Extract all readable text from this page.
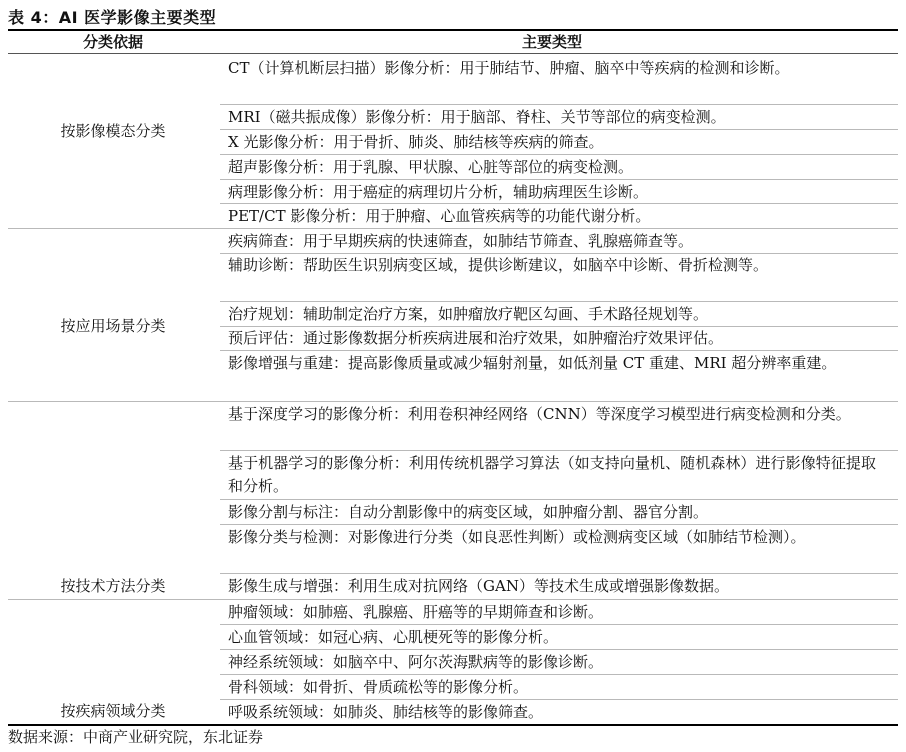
表 4：AI 医学影像主要类型
分类依据	主要类型
按影像模态分类
CT（计算机断层扫描）影像分析：用于肺结节、肿瘤、脑卒中等疾病的检测和诊断。
MRI（磁共振成像）影像分析：用于脑部、脊柱、关节等部位的病变检测。
X 光影像分析：用于骨折、肺炎、肺结核等疾病的筛查。
超声影像分析：用于乳腺、甲状腺、心脏等部位的病变检测。
病理影像分析：用于癌症的病理切片分析，辅助病理医生诊断。
PET/CT 影像分析：用于肿瘤、心血管疾病等的功能代谢分析。
按应用场景分类
疾病筛查：用于早期疾病的快速筛查，如肺结节筛查、乳腺癌筛查等。
辅助诊断：帮助医生识别病变区域，提供诊断建议，如脑卒中诊断、骨折检测等。
治疗规划：辅助制定治疗方案，如肿瘤放疗靶区勾画、手术路径规划等。
预后评估：通过影像数据分析疾病进展和治疗效果，如肿瘤治疗效果评估。
影像增强与重建：提高影像质量或减少辐射剂量，如低剂量 CT 重建、MRI 超分辨率重建。
按技术方法分类
基于深度学习的影像分析：利用卷积神经网络（CNN）等深度学习模型进行病变检测和分类。
基于机器学习的影像分析：利用传统机器学习算法（如支持向量机、随机森林）进行影像特征提取和分析。
影像分割与标注：自动分割影像中的病变区域，如肿瘤分割、器官分割。
影像分类与检测：对影像进行分类（如良恶性判断）或检测病变区域（如肺结节检测）。
影像生成与增强：利用生成对抗网络（GAN）等技术生成或增强影像数据。
按疾病领域分类
肿瘤领域：如肺癌、乳腺癌、肝癌等的早期筛查和诊断。
心血管领域：如冠心病、心肌梗死等的影像分析。
神经系统领域：如脑卒中、阿尔茨海默病等的影像诊断。
骨科领域：如骨折、骨质疏松等的影像分析。
呼吸系统领域：如肺炎、肺结核等的影像筛查。
数据来源：中商产业研究院，东北证券
